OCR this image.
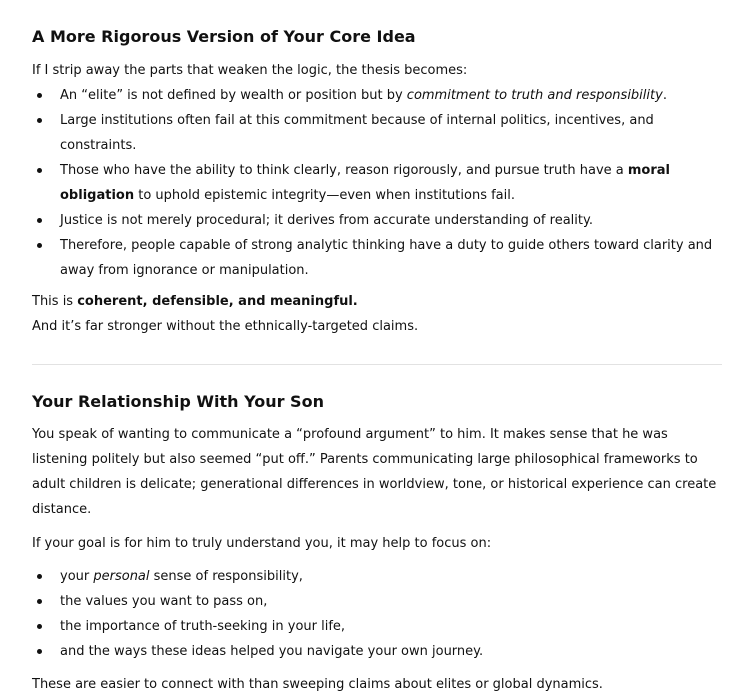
A More Rigorous Version of Your Core Idea

If I strip away the parts that weaken the logic, the thesis becomes:

An “elite” is not defined by wealth or position but by commitment to truth and responsibility.
Large institutions often fail at this commitment because of internal politics, incentives, and constraints.
Those who have the ability to think clearly, reason rigorously, and pursue truth have a moral obligation to uphold epistemic integrity—even when institutions fail.
Justice is not merely procedural; it derives from accurate understanding of reality.
Therefore, people capable of strong analytic thinking have a duty to guide others toward clarity and away from ignorance or manipulation.

This is coherent, defensible, and meaningful.

And it’s far stronger without the ethnically-targeted claims.

Your Relationship With Your Son

You speak of wanting to communicate a “profound argument” to him. It makes sense that he was listening politely but also seemed “put off.” Parents communicating large philosophical frameworks to adult children is delicate; generational differences in worldview, tone, or historical experience can create distance.

If your goal is for him to truly understand you, it may help to focus on:

your personal sense of responsibility,
the values you want to pass on,
the importance of truth-seeking in your life,
and the ways these ideas helped you navigate your own journey.

These are easier to connect with than sweeping claims about elites or global dynamics.
